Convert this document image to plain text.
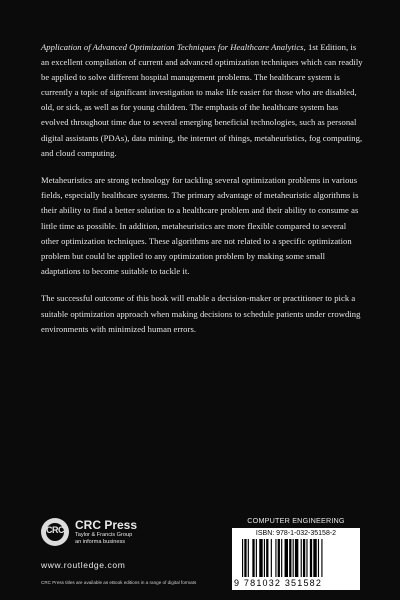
Application of Advanced Optimization Techniques for Healthcare Analytics, 1st Edition, is an excellent compilation of current and advanced optimization techniques which can readily be applied to solve different hospital management problems. The healthcare system is currently a topic of significant investigation to make life easier for those who are disabled, old, or sick, as well as for young children. The emphasis of the healthcare system has evolved throughout time due to several emerging beneficial technologies, such as personal digital assistants (PDAs), data mining, the internet of things, metaheuristics, fog computing, and cloud computing.

Metaheuristics are strong technology for tackling several optimization problems in various fields, especially healthcare systems. The primary advantage of metaheuristic algorithms is their ability to find a better solution to a healthcare problem and their ability to consume as little time as possible. In addition, metaheuristics are more flexible compared to several other optimization techniques. These algorithms are not related to a specific optimization problem but could be applied to any optimization problem by making some small adaptations to become suitable to tackle it.

The successful outcome of this book will enable a decision-maker or practitioner to pick a suitable optimization approach when making decisions to schedule patients under crowding environments with minimized human errors.

CRC CRC Press
Taylor & Francis Group
an informa business
www.routledge.com
CRC Press titles are available as eBook editions in a range of digital formats
COMPUTER ENGINEERING
ISBN: 978-1-032-35158-2
9 781032 351582
